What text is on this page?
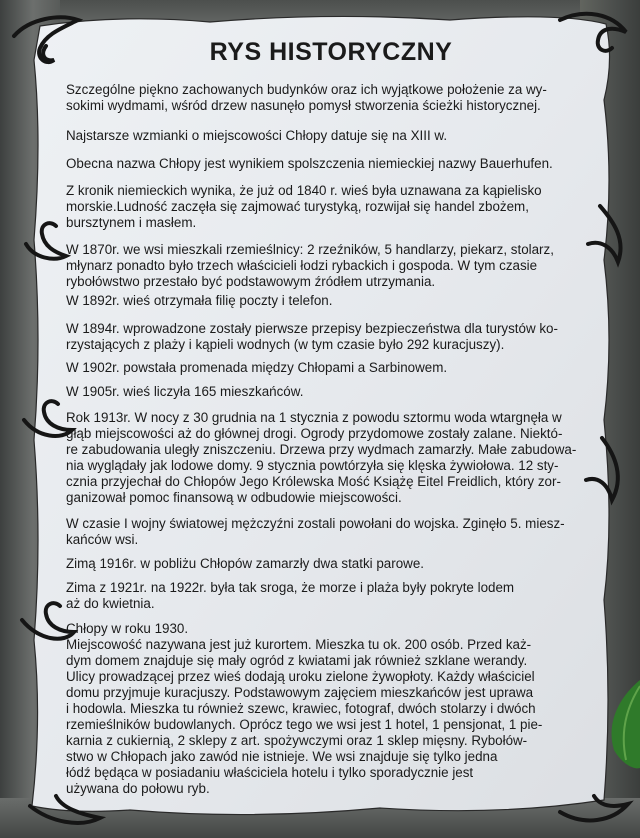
RYS HISTORYCZNY
Szczególne piękno zachowanych budynków oraz ich wyjątkowe położenie za wy-
sokimi wydmami, wśród drzew nasunęło pomysł stworzenia ścieżki historycznej.
Najstarsze wzmianki o miejscowości Chłopy datuje się na XIII w.
Obecna nazwa Chłopy jest wynikiem spolszczenia niemieckiej nazwy Bauerhufen.
Z kronik niemieckich wynika, że już od 1840 r. wieś była uznawana za kąpielisko
morskie.Ludność zaczęła się zajmować turystyką, rozwijał się handel zbożem,
bursztynem i masłem.
W 1870r. we wsi mieszkali rzemieślnicy: 2 rzeźników, 5 handlarzy, piekarz, stolarz,
młynarz ponadto było trzech właścicieli łodzi rybackich i gospoda. W tym czasie
rybołówstwo przestało być podstawowym źródłem utrzymania.
W 1892r. wieś otrzymała filię poczty i telefon.
W 1894r. wprowadzone zostały pierwsze przepisy bezpieczeństwa dla turystów ko-
rzystających z plaży i kąpieli wodnych (w tym czasie było 292 kuracjuszy).
W 1902r. powstała promenada między Chłopami a Sarbinowem.
W 1905r. wieś liczyła 165 mieszkańców.
Rok 1913r. W nocy z 30 grudnia na 1 stycznia z powodu sztormu woda wtargnęła w
głąb miejscowości aż do głównej drogi. Ogrody przydomowe zostały zalane. Niektó-
re zabudowania uległy zniszczeniu. Drzewa przy wydmach zamarzły. Małe zabudowa-
nia wyglądały jak lodowe domy. 9 stycznia powtórzyła się klęska żywiołowa. 12 sty-
cznia przyjechał do Chłopów Jego Królewska Mość Książę Eitel Freidlich, który zor-
ganizował pomoc finansową w odbudowie miejscowości.
W czasie I wojny światowej mężczyźni zostali powołani do wojska. Zginęło 5. miesz-
kańców wsi.
Zimą 1916r. w pobliżu Chłopów zamarzły dwa statki parowe.
Zima z 1921r. na 1922r. była tak sroga, że morze i plaża były pokryte lodem
aż do kwietnia.
Chłopy w roku 1930.
Miejscowość nazywana jest już kurortem. Mieszka tu ok. 200 osób. Przed każ-
dym domem znajduje się mały ogród z kwiatami jak również szklane werandy.
Ulicy prowadzącej przez wieś dodają uroku zielone żywopłoty. Każdy właściciel
domu przyjmuje kuracjuszy. Podstawowym zajęciem mieszkańców jest uprawa
i hodowla. Mieszka tu również szewc, krawiec, fotograf, dwóch stolarzy i dwóch
rzemieślników budowlanych. Oprócz tego we wsi jest 1 hotel, 1 pensjonat, 1 pie-
karnia z cukiernią, 2 sklepy z art. spożywczymi oraz 1 sklep mięsny. Rybołów-
stwo w Chłopach jako zawód nie istnieje. We wsi znajduje się tylko jedna
łódź będąca w posiadaniu właściciela hotelu i tylko sporadycznie jest
używana do połowu ryb.
